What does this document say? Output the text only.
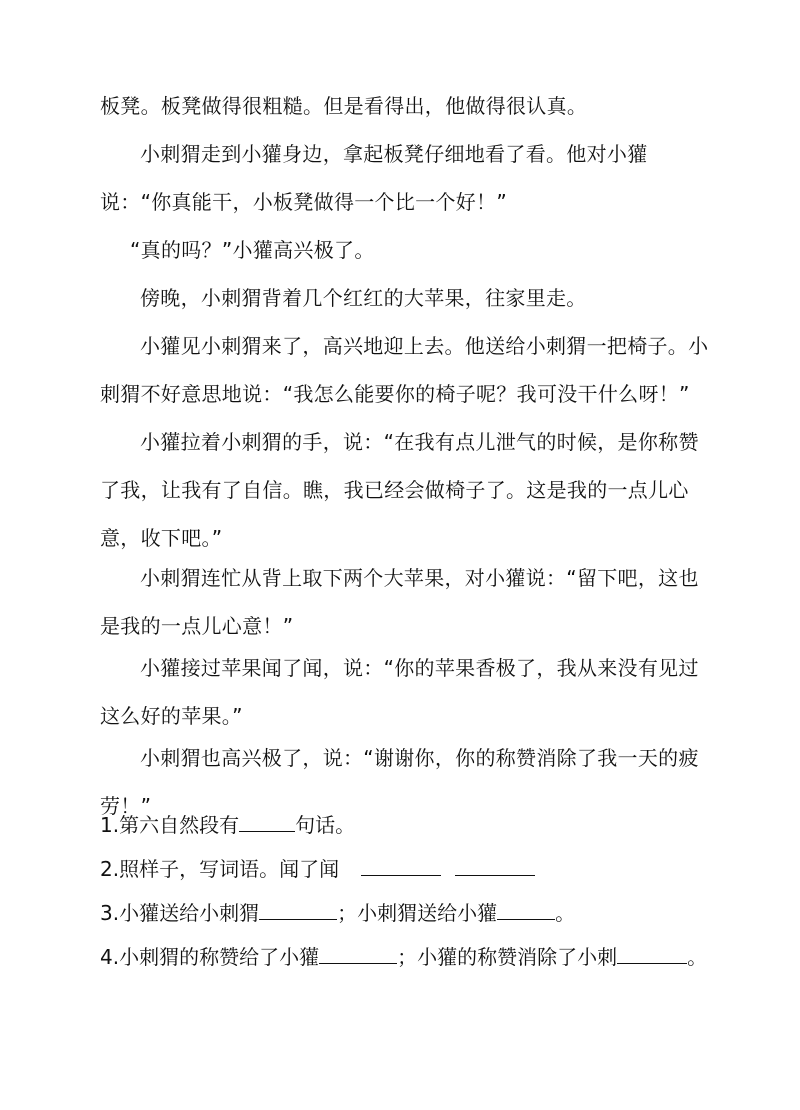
板凳。板凳做得很粗糙。但是看得出，他做得很认真。

小刺猬走到小獾身边，拿起板凳仔细地看了看。他对小獾说：“你真能干，小板凳做得一个比一个好！”

“真的吗？”小獾高兴极了。

傍晚，小刺猬背着几个红红的大苹果，往家里走。

小獾见小刺猬来了，高兴地迎上去。他送给小刺猬一把椅子。小刺猬不好意思地说：“我怎么能要你的椅子呢？我可没干什么呀！”

小獾拉着小刺猬的手，说：“在我有点儿泄气的时候，是你称赞了我，让我有了自信。瞧，我已经会做椅子了。这是我的一点儿心意，收下吧。”

小刺猬连忙从背上取下两个大苹果，对小獾说：“留下吧，这也是我的一点儿心意！”

小獾接过苹果闻了闻，说：“你的苹果香极了，我从来没有见过这么好的苹果。”

小刺猬也高兴极了，说：“谢谢你，你的称赞消除了我一天的疲劳！”

1.第六自然段有	句话。
2.照样子，写词语。闻了闻
3.小獾送给小刺猬	；小刺猬送给小獾	。
4.小刺猬的称赞给了小獾	；小獾的称赞消除了小刺	。
